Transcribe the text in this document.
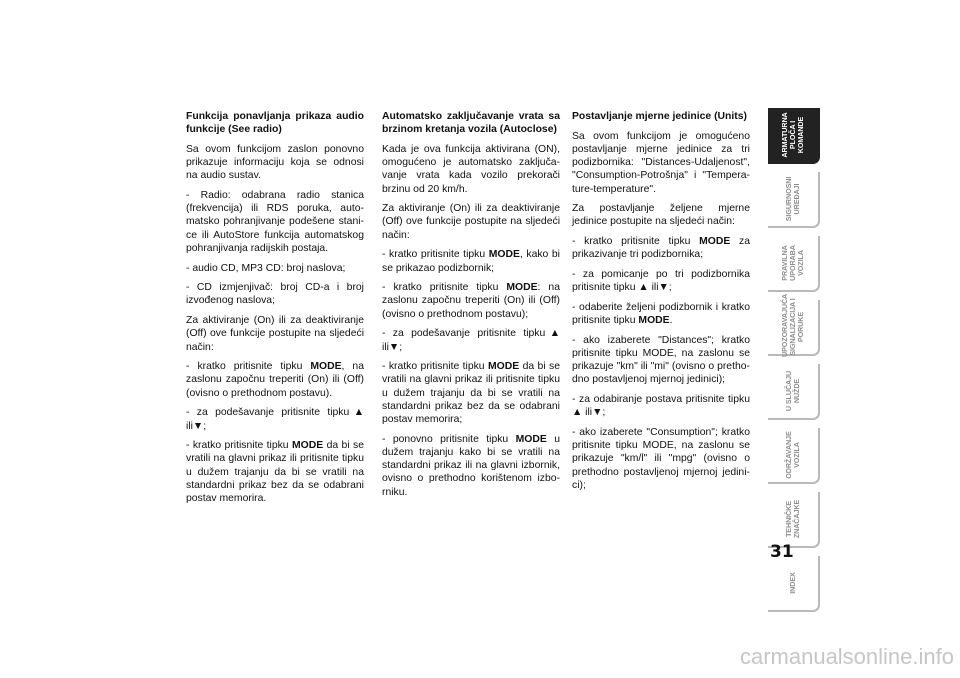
Funkcija ponavljanja prikaza audio funkcije (See radio)

Sa ovom funkcijom zaslon ponovno prikazuje informaciju koja se odnosi na audio sustav.

- Radio: odabrana radio stanica (frekvencija) ili RDS poruka, auto-matsko pohranjivanje podešene stani-ce ili AutoStore funkcija automatskog pohranjivanja radijskih postaja.

- audio CD, MP3 CD: broj naslova;

- CD izmjenjivač: broj CD-a i broj izvođenog naslova;

Za aktiviranje (On) ili za deaktiviranje (Off) ove funkcije postupite na sljedeći način:

- kratko pritisnite tipku MODE, na zaslonu započnu treperiti (On) ili (Off) (ovisno o prethodnom postavu).

- za podešavanje pritisnite tipku▲ ili▼;

- kratko pritisnite tipku MODE da bi se vratili na glavni prikaz ili pritisnite tipku u dužem trajanju da bi se vratili na standardni prikaz bez da se odabrani postav memorira.

Automatsko zaključavanje vrata sa brzinom kretanja vozila (Autoclose)

Kada je ova funkcija aktivirana (ON), omogućeno je automatsko zaključa-vanje vrata kada vozilo prekorači brzinu od 20 km/h.

Za aktiviranje (On) ili za deaktiviranje (Off) ove funkcije postupite na sljedeći način:

- kratko pritisnite tipku MODE, kako bi se prikazao podizbornik;

- kratko pritisnite tipku MODE: na zaslonu započnu treperiti (On) ili (Off) (ovisno o prethodnom postavu);

- za podešavanje pritisnite tipku▲ ili▼;

- kratko pritisnite tipku MODE da bi se vratili na glavni prikaz ili pritisnite tipku u dužem trajanju da bi se vratili na standardni prikaz bez da se odabrani postav memorira;

- ponovno pritisnite tipku MODE u dužem trajanju kako bi se vratili na standardni prikaz ili na glavni izbornik, ovisno o prethodno korištenom izbo-rniku.

Postavljanje mjerne jedinice (Units)

Sa ovom funkcijom je omogućeno postavljanje mjerne jedinice za tri podizbornika: "Distances-Udaljenost", "Consumption-Potrošnja" i "Tempera-ture-temperature".

Za postavljanje željene mjerne jedinice postupite na sljedeći način:

- kratko pritisnite tipku MODE za prikazivanje tri podizbornika;

- za pomicanje po tri podizbornika pritisnite tipku ▲ ili▼;

- odaberite željeni podizbornik i kratko pritisnite tipku MODE.

- ako izaberete "Distances"; kratko pritisnite tipku MODE, na zaslonu se prikazuje "km" ili "mi" (ovisno o pretho-dno postavljenoj mjernoj jedinici);

- za odabiranje postava pritisnite tipku ▲ ili▼;

- ako izaberete "Consumption"; kratko pritisnite tipku MODE, na zaslonu se prikazuje "km/l" ili "mpg" (ovisno o prethodno postavljenoj mjernoj jedini-ci);

ARMATURNA PLOČA I KOMANDE
SIGURNOSNI UREĐAJI
PRAVILNA UPORABA VOZILA
UPOZORAVAJUĆA SIGNALIZACIJA I PORUKE
U SLUČAJU NUŽDE
ODRŽAVANJE VOZILA
TEHNIČKE ZNAČAJKE
INDEX
31
carmanualsonline.info
